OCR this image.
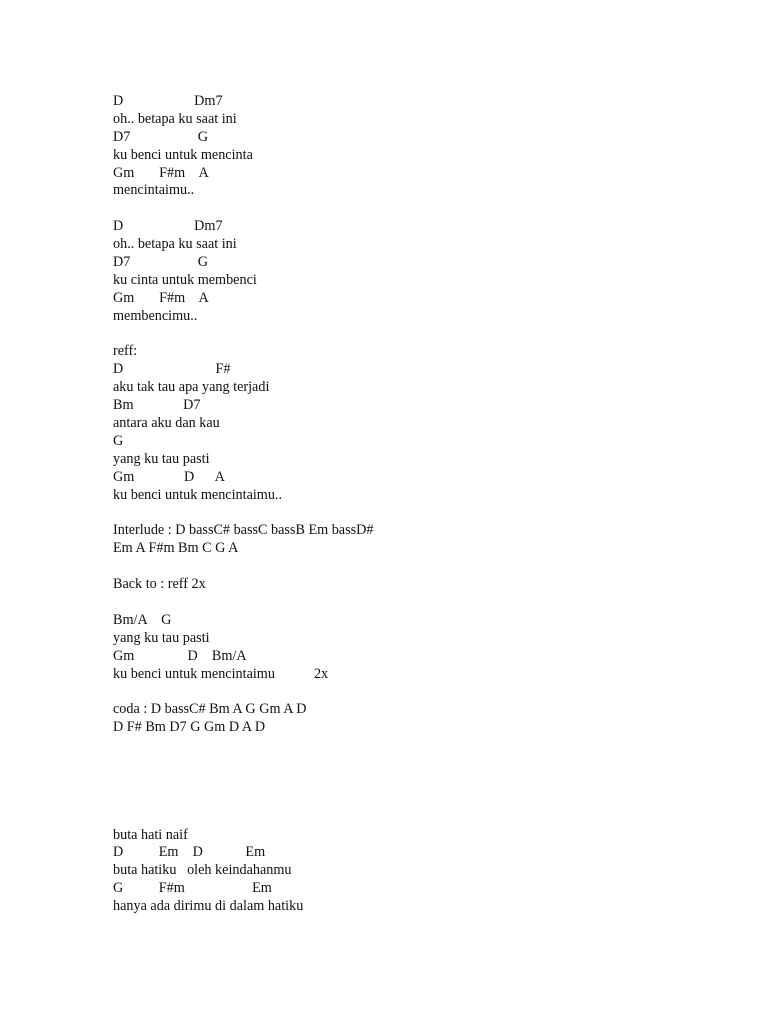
D                    Dm7
oh.. betapa ku saat ini
D7                   G
ku benci untuk mencinta
Gm       F#m    A
mencintaimu..
D                    Dm7
oh.. betapa ku saat ini
D7                   G
ku cinta untuk membenci
Gm       F#m    A
membencimu..
reff:
D                          F#
aku tak tau apa yang terjadi
Bm              D7
antara aku dan kau
G
yang ku tau pasti
Gm              D      A
ku benci untuk mencintaimu..
Interlude : D bassC# bassC bassB Em bassD#
Em A F#m Bm C G A
Back to : reff 2x
Bm/A    G
yang ku tau pasti
Gm               D    Bm/A
ku benci untuk mencintaimu           2x
coda : D bassC# Bm A G Gm A D
D F# Bm D7 G Gm D A D
buta hati naif
D          Em    D            Em
buta hatiku   oleh keindahanmu
G          F#m                   Em
hanya ada dirimu di dalam hatiku
